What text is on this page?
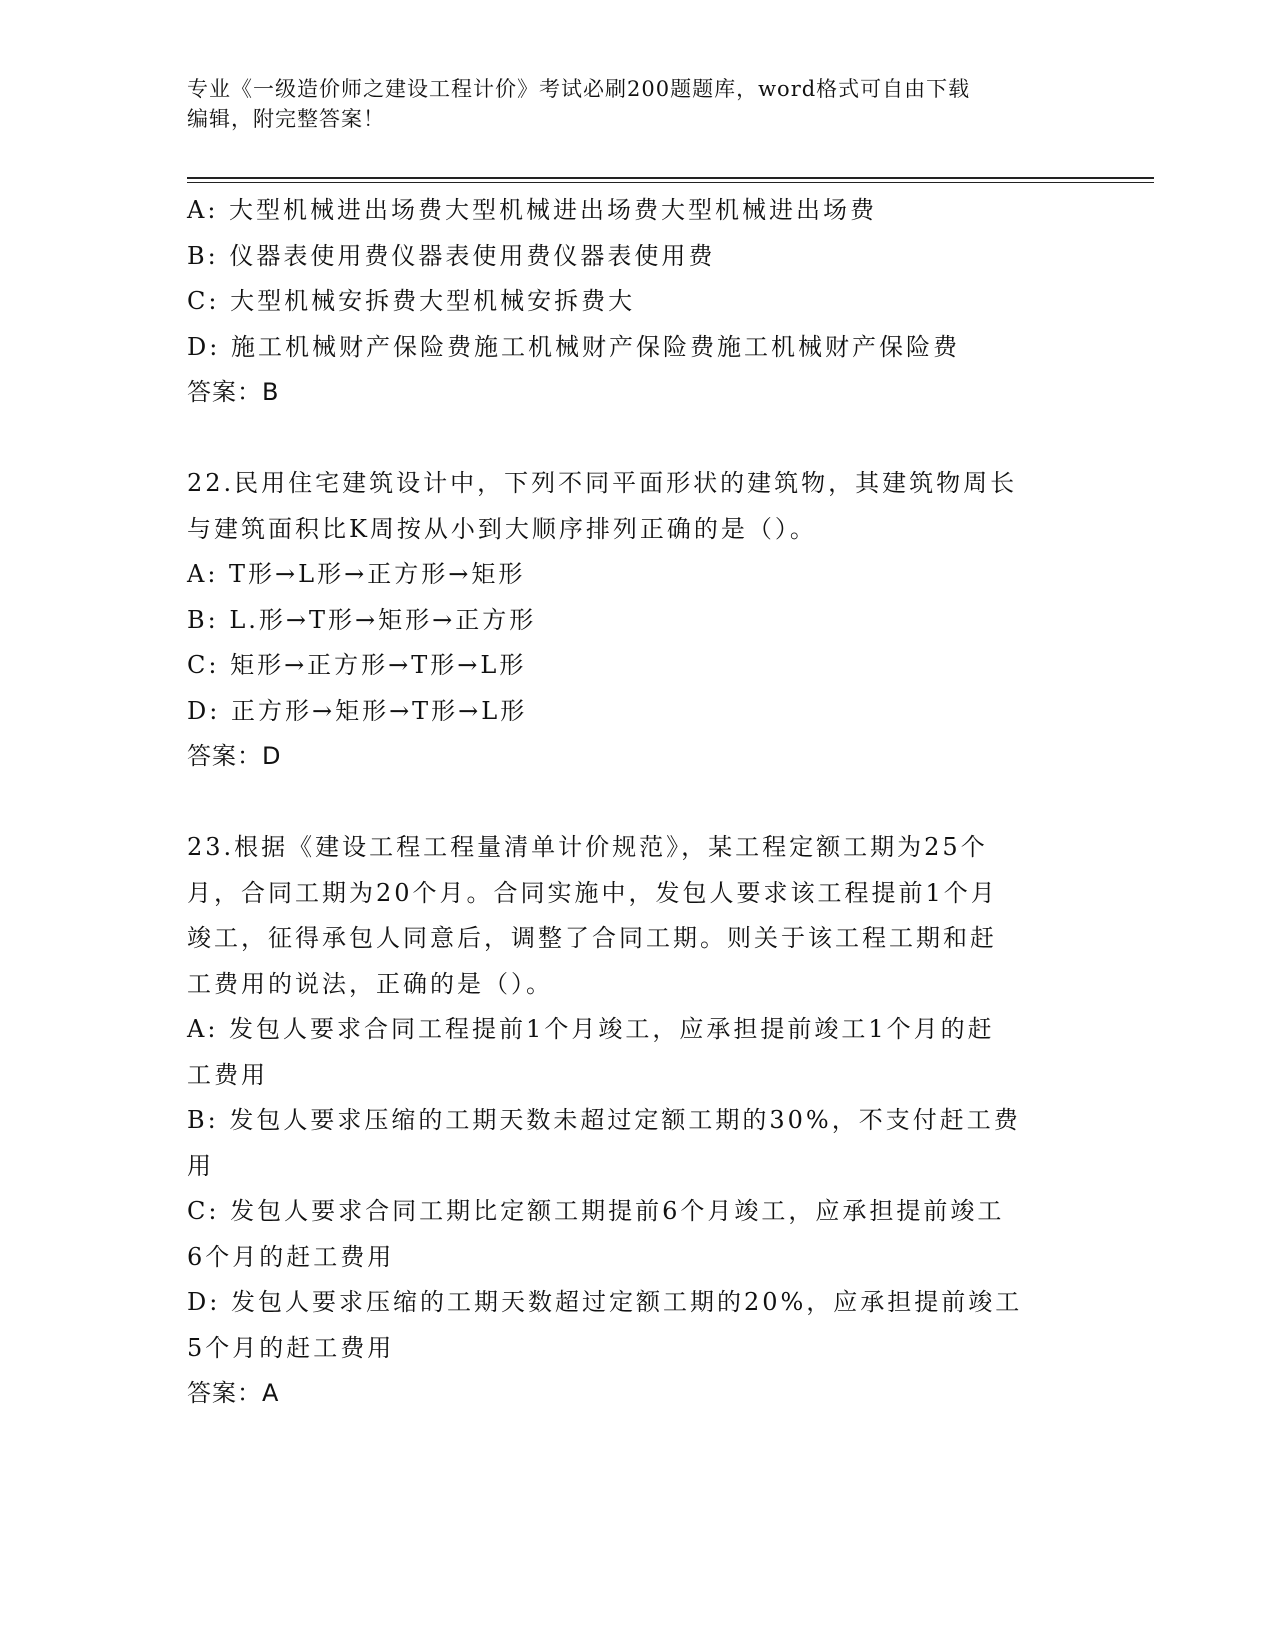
专业《一级造价师之建设工程计价》考试必刷200题题库，word格式可自由下载
编辑，附完整答案！
A: 大型机械进出场费大型机械进出场费大型机械进出场费
B: 仪器表使用费仪器表使用费仪器表使用费
C: 大型机械安拆费大型机械安拆费大
D: 施工机械财产保险费施工机械财产保险费施工机械财产保险费
答案：B
22.民用住宅建筑设计中，下列不同平面形状的建筑物，其建筑物周长
与建筑面积比K周按从小到大顺序排列正确的是（）。
A: T形→L形→正方形→矩形
B: L.形→T形→矩形→正方形
C: 矩形→正方形→T形→L形
D: 正方形→矩形→T形→L形
答案：D
23.根据《建设工程工程量清单计价规范》，某工程定额工期为25个
月，合同工期为20个月。合同实施中，发包人要求该工程提前1个月
竣工，征得承包人同意后，调整了合同工期。则关于该工程工期和赶
工费用的说法，正确的是（）。
A: 发包人要求合同工程提前1个月竣工，应承担提前竣工1个月的赶
工费用
B: 发包人要求压缩的工期天数未超过定额工期的30%，不支付赶工费
用
C: 发包人要求合同工期比定额工期提前6个月竣工，应承担提前竣工
6个月的赶工费用
D: 发包人要求压缩的工期天数超过定额工期的20%，应承担提前竣工
5个月的赶工费用
答案：A
